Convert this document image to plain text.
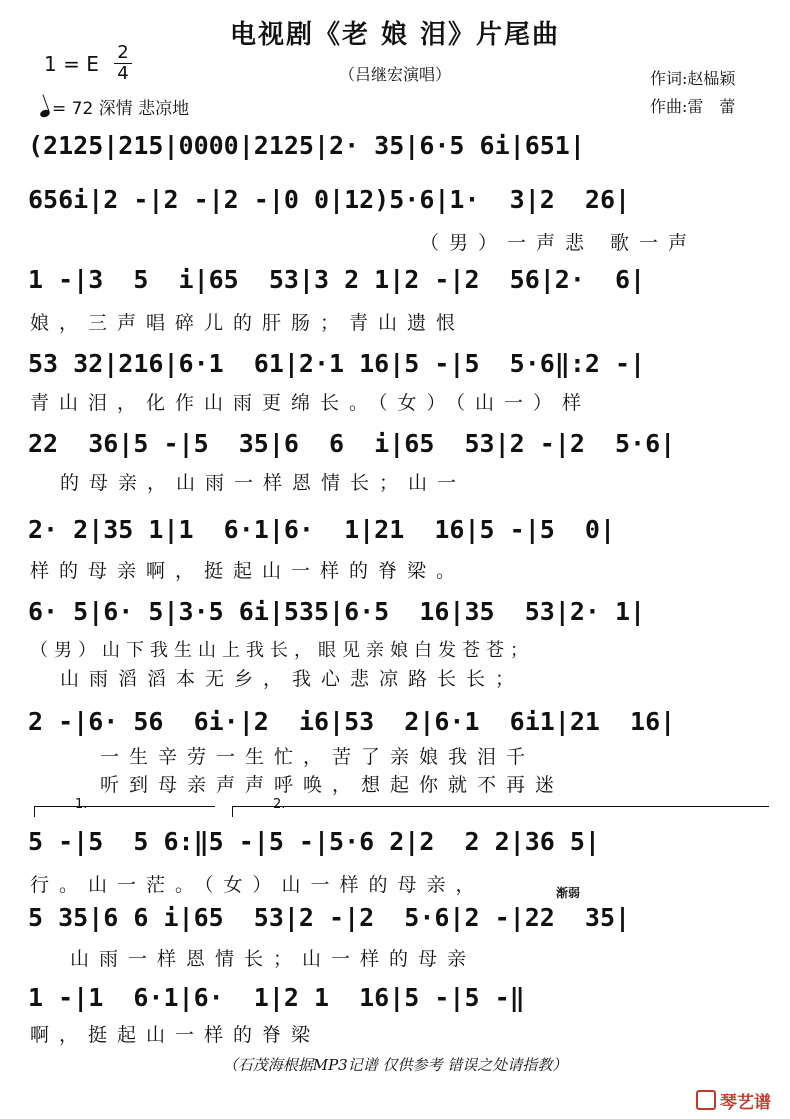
电视剧《老 娘 泪》片尾曲
（吕继宏演唱）
1 = E 2
4
= 72 深情 悲凉地
作词:赵榀颖
作曲:雷　蕾
(2125|215|0000|2125|2· 35|6·5 6i|651|
656i|2 -|2 -|2 -|0 0|12)5·6|1·  3|2  26|
（男）一声悲 歌一声
1 -|3  5  i|65  53|3 2 1|2 -|2  56|2·  6|
娘，三声唱碎儿的肝肠；青山遗恨
53 32|216|6·1  61|2·1 16|5 -|5  5·6‖:2 -|
青山泪，化作山雨更绵长。（女）（山一）样
22  36|5 -|5  35|6  6  i|65  53|2 -|2  5·6|
的母亲，山雨一样恩情长；山一
2· 2|35 1|1  6·1|6·  1|21  16|5 -|5  0|
样的母亲啊，挺起山一样的脊梁。
6· 5|6· 5|3·5 6i|535|6·5  16|35  53|2· 1|
（男）山下我生山上我长，眼见亲娘白发苍苍；
山雨滔滔本无乡，我心悲凉路长长；
2 -|6· 56  6i·|2  i6|53  2|6·1  6i1|21  16|
一生辛劳一生忙，苦了亲娘我泪千
听到母亲声声呼唤，想起你就不再迷
1.	2.
5 -|5  5 6:‖5 -|5 -|5·6 2|2  2 2|36 5|
行。山一茫。（女）山一样的母亲，	渐弱
5 35|6 6 i|65  53|2 -|2  5·6|2 -|22  35|
山雨一样恩情长；山一样的母亲
1 -|1  6·1|6·  1|2 1  16|5 -|5 -‖
啊，挺起山一样的脊梁
（石茂海根据MP3记谱 仅供参考 错误之处请指教）
琴艺谱
